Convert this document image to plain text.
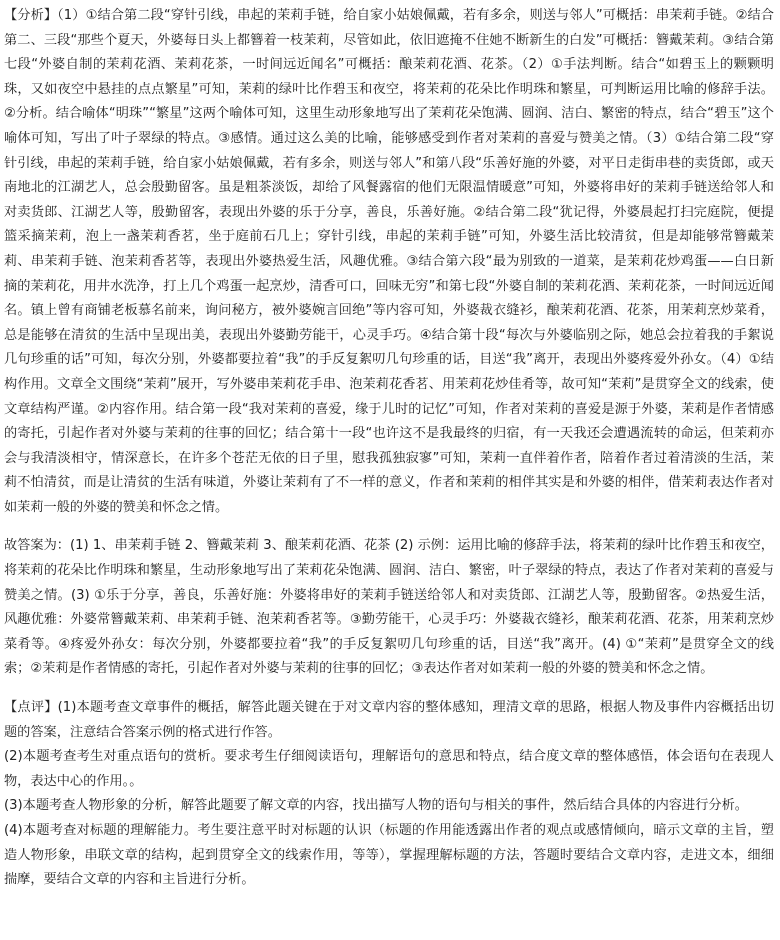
【分析】（1）①结合第二段“穿针引线，串起的茉莉手链，给自家小姑娘佩戴，若有多余，则送与邻人”可概括：串茉莉手链。②结合第二、三段“那些个夏天，外婆每日头上都簪着一枝茉莉，尽管如此，依旧遮掩不住她不断新生的白发”可概括：簪戴茉莉。③结合第七段“外婆自制的茉莉花酒、茉莉花茶，一时间远近闻名”可概括：酿茉莉花酒、花茶。（2）①手法判断。结合“如碧玉上的颗颗明珠，又如夜空中悬挂的点点繁星”可知，茉莉的绿叶比作碧玉和夜空，将茉莉的花朵比作明珠和繁星，可判断运用比喻的修辞手法。②分析。结合喻体“明珠”“繁星”这两个喻体可知，这里生动形象地写出了茉莉花朵饱满、圆润、洁白、繁密的特点，结合“碧玉”这个喻体可知，写出了叶子翠绿的特点。③感情。通过这么美的比喻，能够感受到作者对茉莉的喜爱与赞美之情。（3）①结合第二段“穿针引线，串起的茉莉手链，给自家小姑娘佩戴，若有多余，则送与邻人”和第八段“乐善好施的外婆，对平日走街串巷的卖货郎，或天南地北的江湖艺人，总会殷勤留客。虽是粗茶淡饭，却给了风餐露宿的他们无限温情暖意”可知，外婆将串好的茉莉手链送给邻人和对卖货郎、江湖艺人等，殷勤留客，表现出外婆的乐于分享，善良，乐善好施。②结合第二段“犹记得，外婆晨起打扫完庭院，便提篮采摘茉莉，泡上一盏茉莉香茗，坐于庭前石几上；穿针引线，串起的茉莉手链”可知，外婆生活比较清贫，但是却能够常簪戴茉莉、串茉莉手链、泡茉莉香茗等，表现出外婆热爱生活，风趣优雅。③结合第六段“最为别致的一道菜，是茉莉花炒鸡蛋——白日新摘的茉莉花，用井水洗净，打上几个鸡蛋一起烹炒，清香可口，回味无穷”和第七段“外婆自制的茉莉花酒、茉莉花茶，一时间远近闻名。镇上曾有商铺老板慕名前来，询问秘方，被外婆婉言回绝”等内容可知，外婆裁衣缝衫，酿茉莉花酒、花茶，用茉莉烹炒菜肴，总是能够在清贫的生活中呈现出美，表现出外婆勤劳能干，心灵手巧。④结合第十段“每次与外婆临别之际，她总会拉着我的手絮说几句珍重的话”可知，每次分别，外婆都要拉着“我”的手反复絮叨几句珍重的话，目送“我”离开，表现出外婆疼爱外孙女。（4）①结构作用。文章全文围绕“茉莉”展开，写外婆串茉莉花手串、泡茉莉花香茗、用茉莉花炒佳肴等，故可知“茉莉”是贯穿全文的线索，使文章结构严谨。②内容作用。结合第一段“我对茉莉的喜爱，缘于儿时的记忆”可知，作者对茉莉的喜爱是源于外婆，茉莉是作者情感的寄托，引起作者对外婆与茉莉的往事的回忆；结合第十一段“也许这不是我最终的归宿，有一天我还会遭遇流转的命运，但茉莉亦会与我清淡相守，情深意长，在许多个苍茫无依的日子里，慰我孤独寂寥”可知，茉莉一直伴着作者，陪着作者过着清淡的生活，茉莉不怕清贫，而是让清贫的生活有味道，外婆让茉莉有了不一样的意义，作者和茉莉的相伴其实是和外婆的相伴，借茉莉表达作者对如茉莉一般的外婆的赞美和怀念之情。

故答案为：(1) 1、串茉莉手链 2、簪戴茉莉 3、酿茉莉花酒、花茶 (2) 示例：运用比喻的修辞手法，将茉莉的绿叶比作碧玉和夜空，将茉莉的花朵比作明珠和繁星，生动形象地写出了茉莉花朵饱满、圆润、洁白、繁密，叶子翠绿的特点，表达了作者对茉莉的喜爱与赞美之情。(3) ①乐于分享，善良，乐善好施：外婆将串好的茉莉手链送给邻人和对卖货郎、江湖艺人等，殷勤留客。②热爱生活，风趣优雅：外婆常簪戴茉莉、串茉莉手链、泡茉莉香茗等。③勤劳能干，心灵手巧：外婆裁衣缝衫，酿茉莉花酒、花茶，用茉莉烹炒菜肴等。④疼爱外孙女：每次分别，外婆都要拉着“我”的手反复絮叨几句珍重的话，目送“我”离开。(4) ①“茉莉”是贯穿全文的线索；②茉莉是作者情感的寄托，引起作者对外婆与茉莉的往事的回忆；③表达作者对如茉莉一般的外婆的赞美和怀念之情。

【点评】(1)本题考查文章事件的概括，解答此题关键在于对文章内容的整体感知，理清文章的思路，根据人物及事件内容概括出切题的答案，注意结合答案示例的格式进行作答。

(2)本题考查考生对重点语句的赏析。要求考生仔细阅读语句，理解语句的意思和特点，结合度文章的整体感悟，体会语句在表现人物，表达中心的作用。。

(3)本题考查人物形象的分析，解答此题要了解文章的内容，找出描写人物的语句与相关的事件，然后结合具体的内容进行分析。

(4)本题考查对标题的理解能力。考生要注意平时对标题的认识（标题的作用能透露出作者的观点或感情倾向，暗示文章的主旨，塑造人物形象，串联文章的结构，起到贯穿全文的线索作用，等等），掌握理解标题的方法，答题时要结合文章内容，走进文本，细细揣摩，要结合文章的内容和主旨进行分析。
